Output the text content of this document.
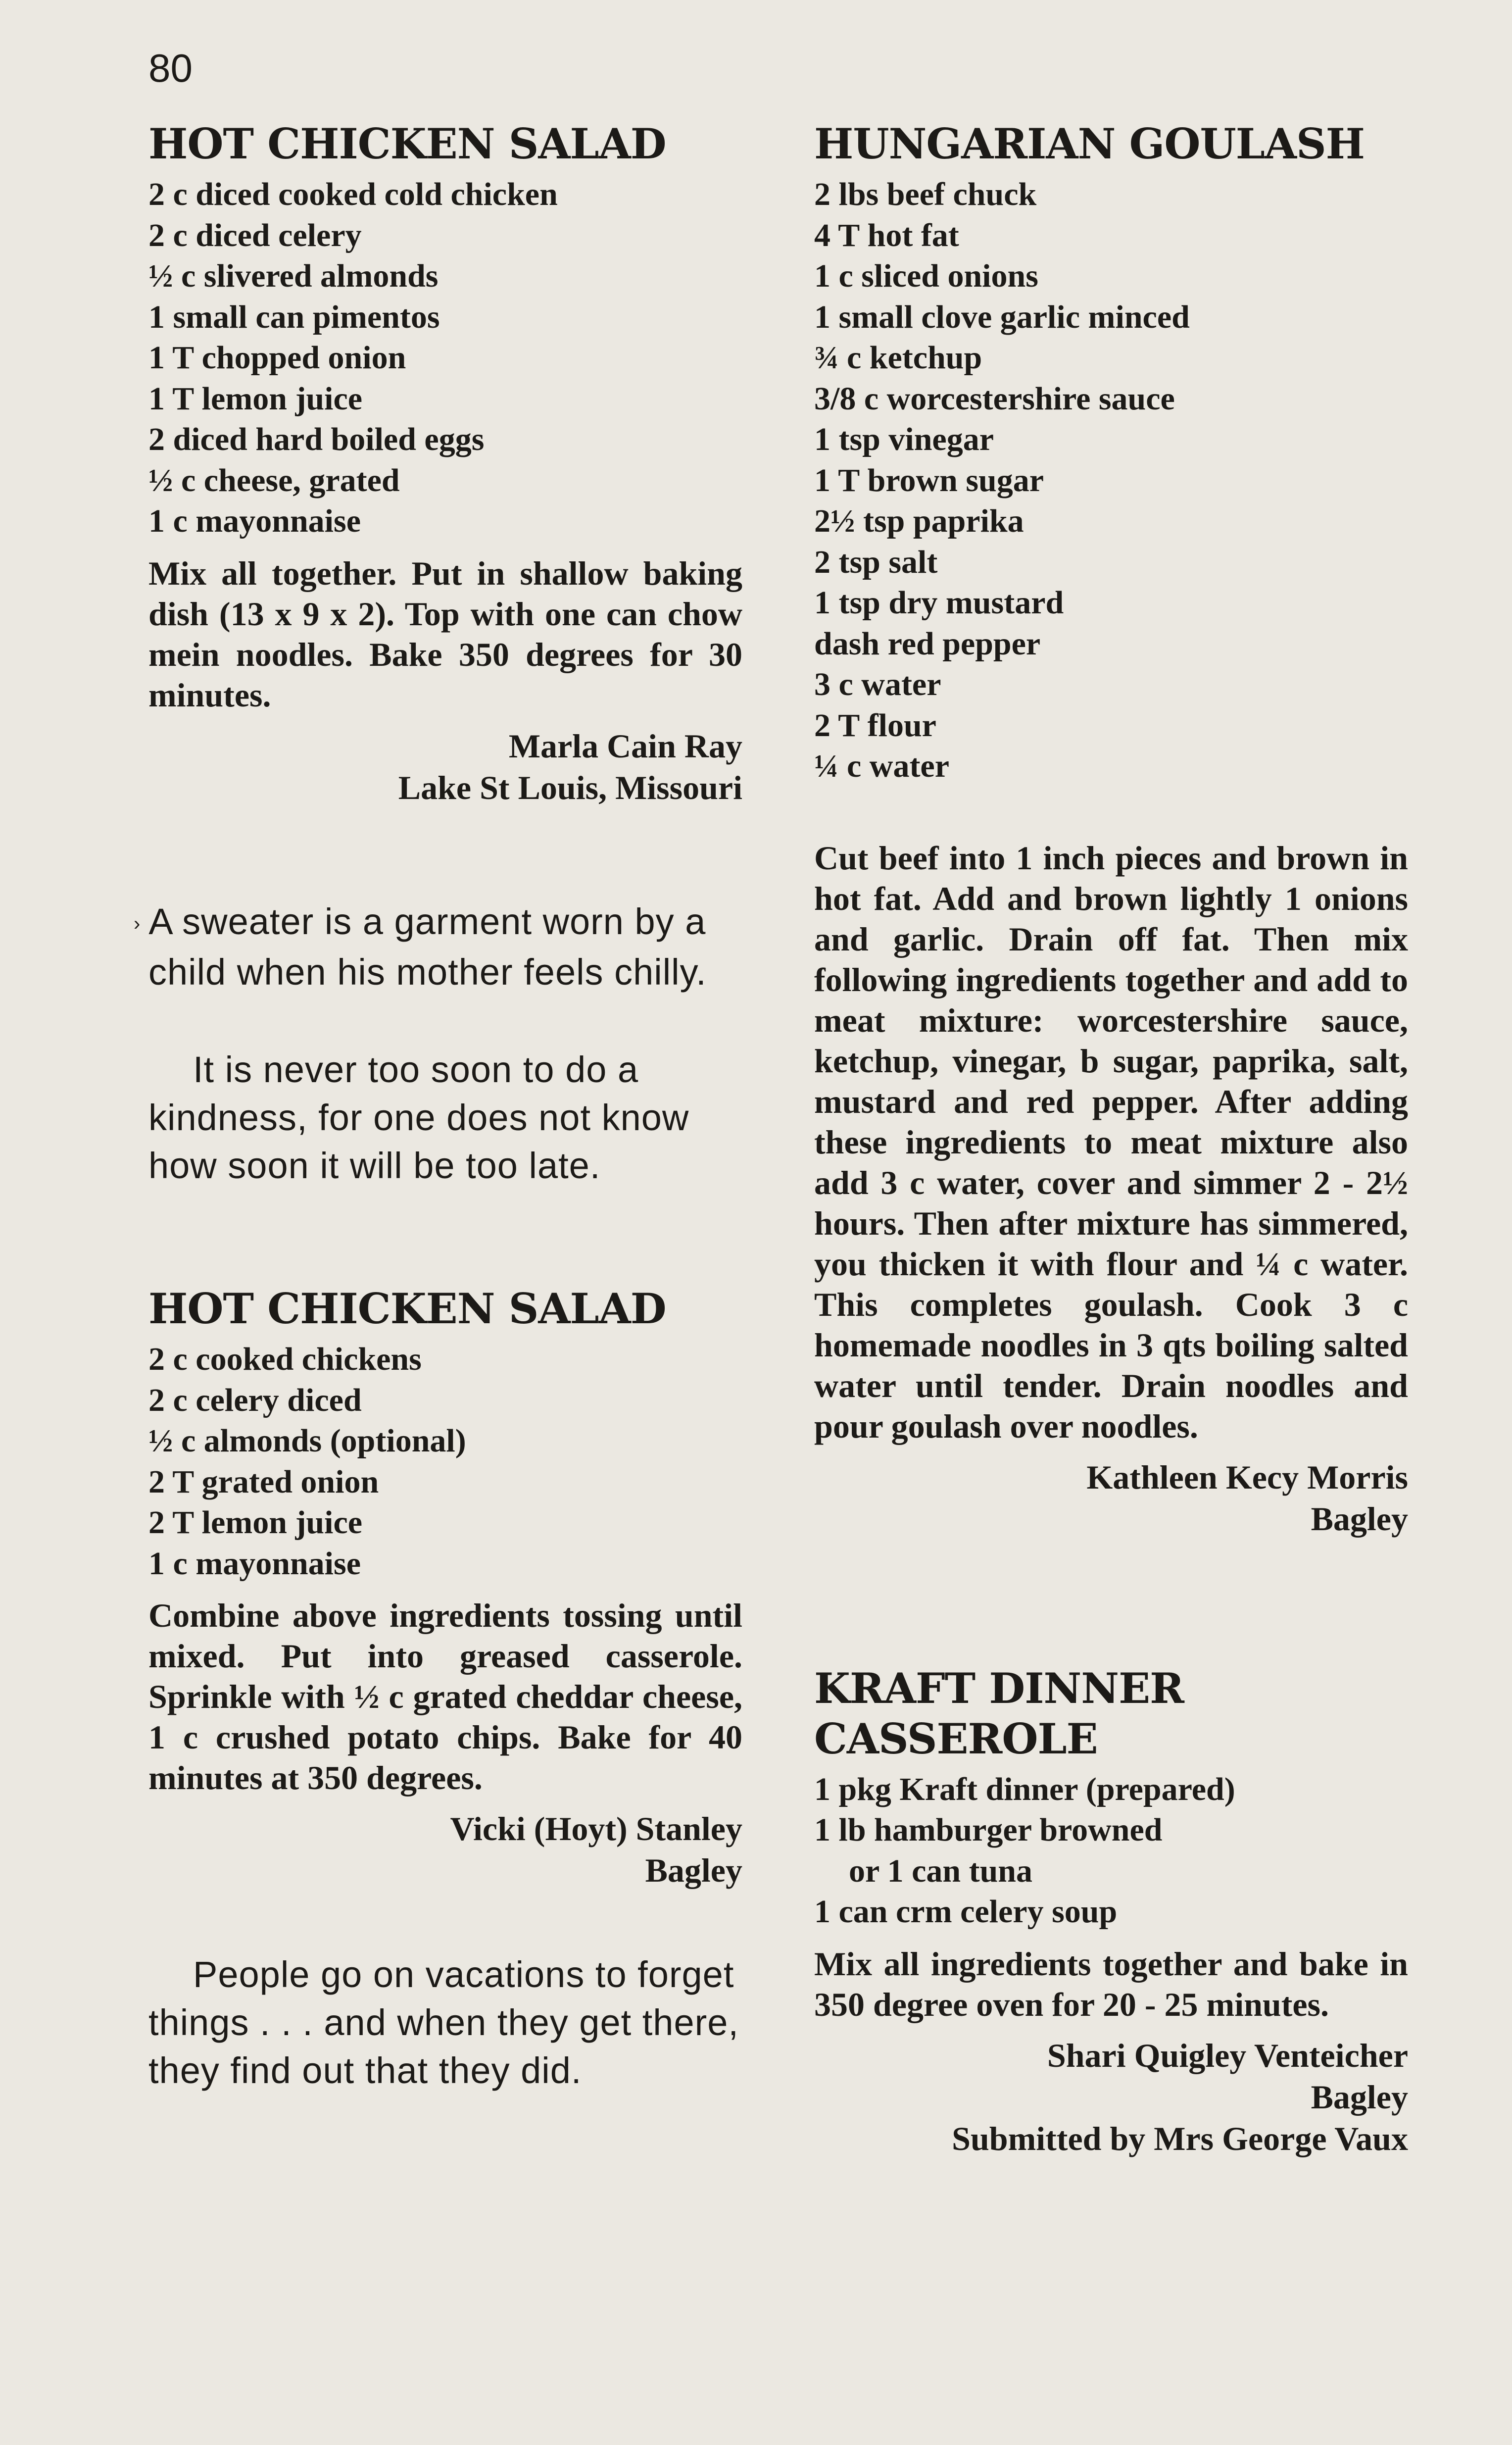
80
HOT CHICKEN SALAD
2 c diced cooked cold chicken
2 c diced celery
½ c slivered almonds
1 small can pimentos
1 T chopped onion
1 T lemon juice
2 diced hard boiled eggs
½ c cheese, grated
1 c mayonnaise

Mix all together. Put in shallow baking dish (13 x 9 x 2). Top with one can chow mein noodles. Bake 350 degrees for 30 minutes.

Marla Cain Ray
Lake St Louis, Missouri

› A sweater is a garment worn by a child when his mother feels chilly.

It is never too soon to do a kindness, for one does not know how soon it will be too late.

HOT CHICKEN SALAD
2 c cooked chickens
2 c celery diced
½ c almonds (optional)
2 T grated onion
2 T lemon juice
1 c mayonnaise

Combine above ingredients tossing until mixed. Put into greased casserole. Sprinkle with ½ c grated cheddar cheese, 1 c crushed potato chips. Bake for 40 minutes at 350 degrees.

Vicki (Hoyt) Stanley
Bagley

People go on vacations to forget things . . . and when they get there, they find out that they did.

HUNGARIAN GOULASH
2 lbs beef chuck
4 T hot fat
1 c sliced onions
1 small clove garlic minced
¾ c ketchup
3/8 c worcestershire sauce
1 tsp vinegar
1 T brown sugar
2½ tsp paprika
2 tsp salt
1 tsp dry mustard
dash red pepper
3 c water
2 T flour
¼ c water

Cut beef into 1 inch pieces and brown in hot fat. Add and brown lightly 1 onions and garlic. Drain off fat. Then mix following ingredients together and add to meat mixture: worcestershire sauce, ketchup, vinegar, b sugar, paprika, salt, mustard and red pepper. After adding these ingredients to meat mixture also add 3 c water, cover and simmer 2 - 2½ hours. Then after mixture has simmered, you thicken it with flour and ¼ c water. This completes goulash. Cook 3 c homemade noodles in 3 qts boiling salted water until tender. Drain noodles and pour goulash over noodles.

Kathleen Kecy Morris
Bagley
KRAFT DINNER
CASSEROLE
1 pkg Kraft dinner (prepared)
1 lb hamburger browned
or 1 can tuna
1 can crm celery soup

Mix all ingredients together and bake in 350 degree oven for 20 - 25 minutes.

Shari Quigley Venteicher
Bagley
Submitted by Mrs George Vaux
